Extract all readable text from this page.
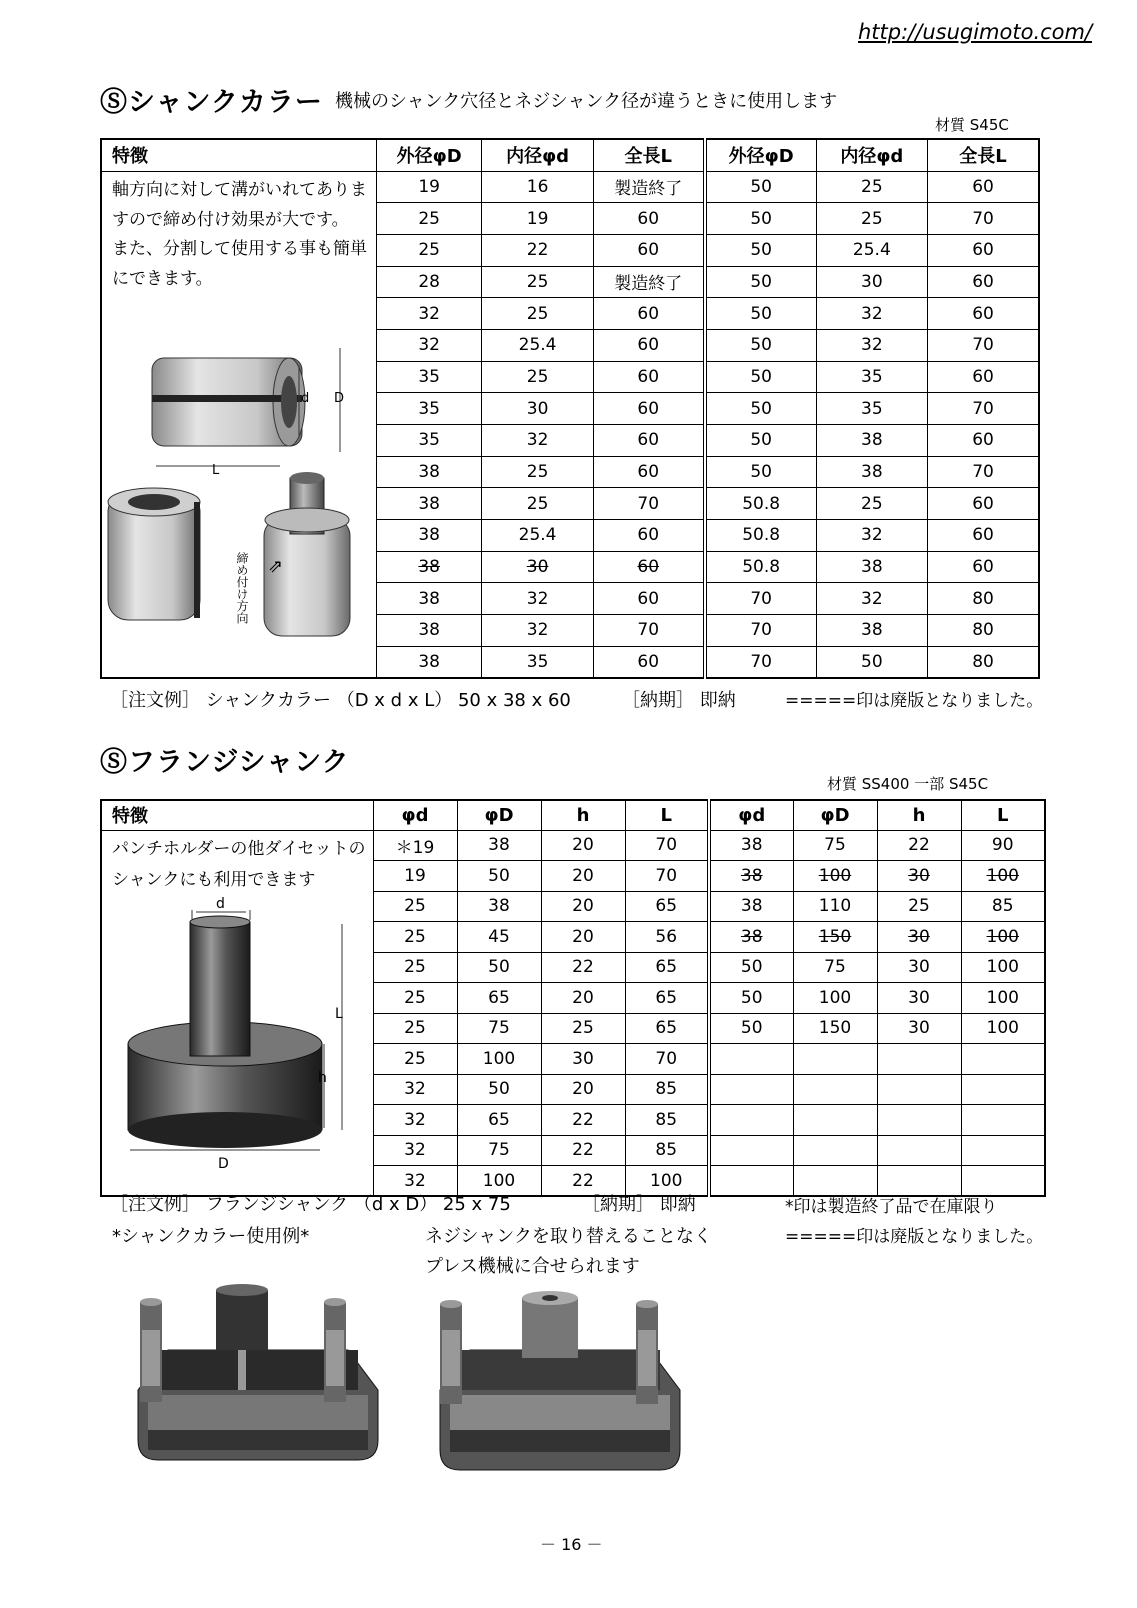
http://usugimoto.com/
Ⓢシャンクカラー 機械のシャンク穴径とネジシャンク径が違うときに使用します
材質 S45C
特徴	外径φD	内径φd	全長L	外径φD	内径φd	全長L
	19	16	製造終了	50	25	60
	25	19	60	50	25	70
	25	22	60	50	25.4	60
	28	25	製造終了	50	30	60
	32	25	60	50	32	60
	32	25.4	60	50	32	70
	35	25	60	50	35	60
	35	30	60	50	35	70
	35	32	60	50	38	60
	38	25	60	50	38	70
	38	25	70	50.8	25	60
	38	25.4	60	50.8	32	60
	38	30	60	50.8	38	60
	38	32	60	70	32	80
	38	32	70	70	38	80
	38	35	60	70	50	80
軸方向に対して溝がいれてありますので締め付け効果が大です。
また、分割して使用する事も簡単にできます。
d D
L
⇗
締め付け方向
［注文例］ シャンクカラー （D x d x L） 50 x 38 x 60	［納期］ 即納	=====印は廃版となりました。
Ⓢフランジシャンク
材質 SS400 一部 S45C
特徴	φd	φD	h	L	φd	φD	h	L
	＊19	38	20	70	38	75	22	90
	19	50	20	70	38	100	30	100
	25	38	20	65	38	110	25	85
	25	45	20	56	38	150	30	100
	25	50	22	65	50	75	30	100
	25	65	20	65	50	100	30	100
	25	75	25	65	50	150	30	100
	25	100	30	70				
	32	50	20	85				
	32	65	22	85				
	32	75	22	85				
	32	100	22	100				
パンチホルダーの他ダイセットのシャンクにも利用できます
d
L
h
D
［注文例］ フランジシャンク （d x D） 25 x 75	［納期］ 即納	*印は製造終了品で在庫限り
=====印は廃版となりました。
*シャンクカラー使用例*	ネジシャンクを取り替えることなく
プレス機械に合せられます
－ 16 －
